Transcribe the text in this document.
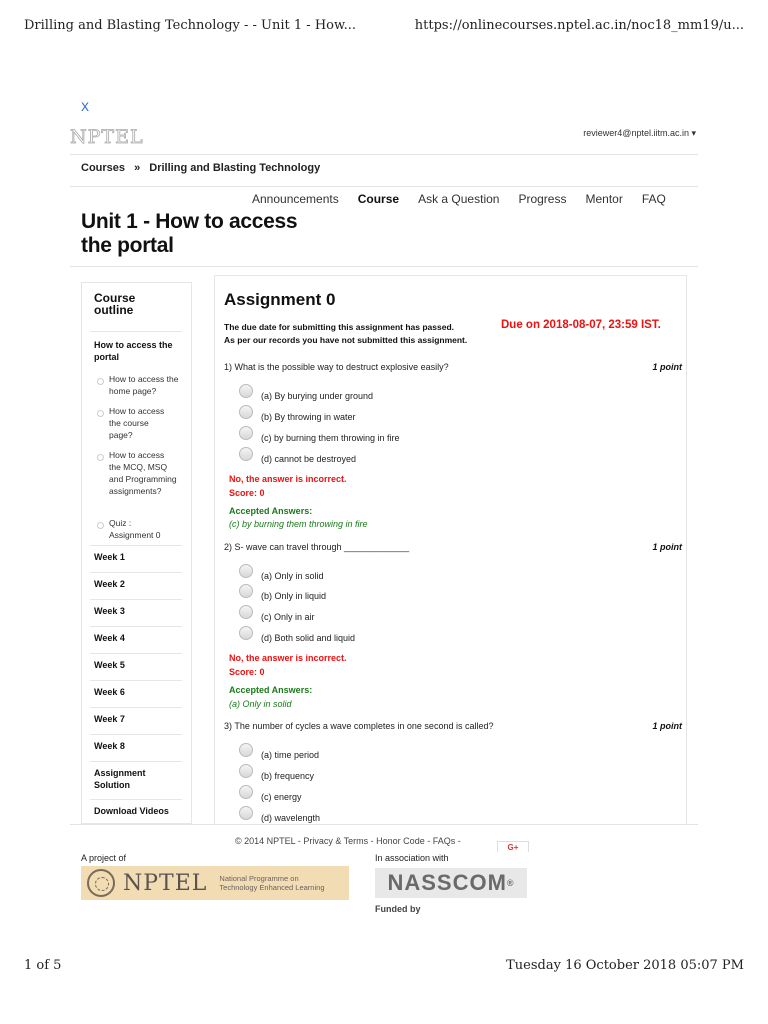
Drilling and Blasting Technology - - Unit 1 - How...	https://onlinecourses.nptel.ac.in/noc18_mm19/u...
X
NPTEL	reviewer4@nptel.iitm.ac.in ▾
Courses » Drilling and Blasting Technology
Announcements Course Ask a Question Progress Mentor FAQ
Unit 1 - How to access the portal
Course outline
How to access the portal
How to access the home page?
How to access the course page?
How to access the MCQ, MSQ and Programming assignments?
Quiz : Assignment 0
Week 1
Week 2
Week 3
Week 4
Week 5
Week 6
Week 7
Week 8
Assignment Solution
Download Videos
Assignment 0
The due date for submitting this assignment has passed.	Due on 2018-08-07, 23:59 IST.
As per our records you have not submitted this assignment.
1) What is the possible way to destruct explosive easily?	1 point
(a) By burying under ground
(b) By throwing in water
(c) by burning them throwing in fire
(d) cannot be destroyed
No, the answer is incorrect.
Score: 0
Accepted Answers:
(c) by burning them throwing in fire
2) S- wave can travel through _____________	1 point
(a) Only in solid
(b) Only in liquid
(c) Only in air
(d) Both solid and liquid
No, the answer is incorrect.
Score: 0
Accepted Answers:
(a) Only in solid
3) The number of cycles a wave completes in one second is called?	1 point
(a) time period
(b) frequency
(c) energy
(d) wavelength
© 2014 NPTEL - Privacy & Terms - Honor Code - FAQs -
G+
A project of	In association with
NPTEL National Programme on
Technology Enhanced Learning	NASSCOM ®
Funded by
1 of 5	Tuesday 16 October 2018 05:07 PM
